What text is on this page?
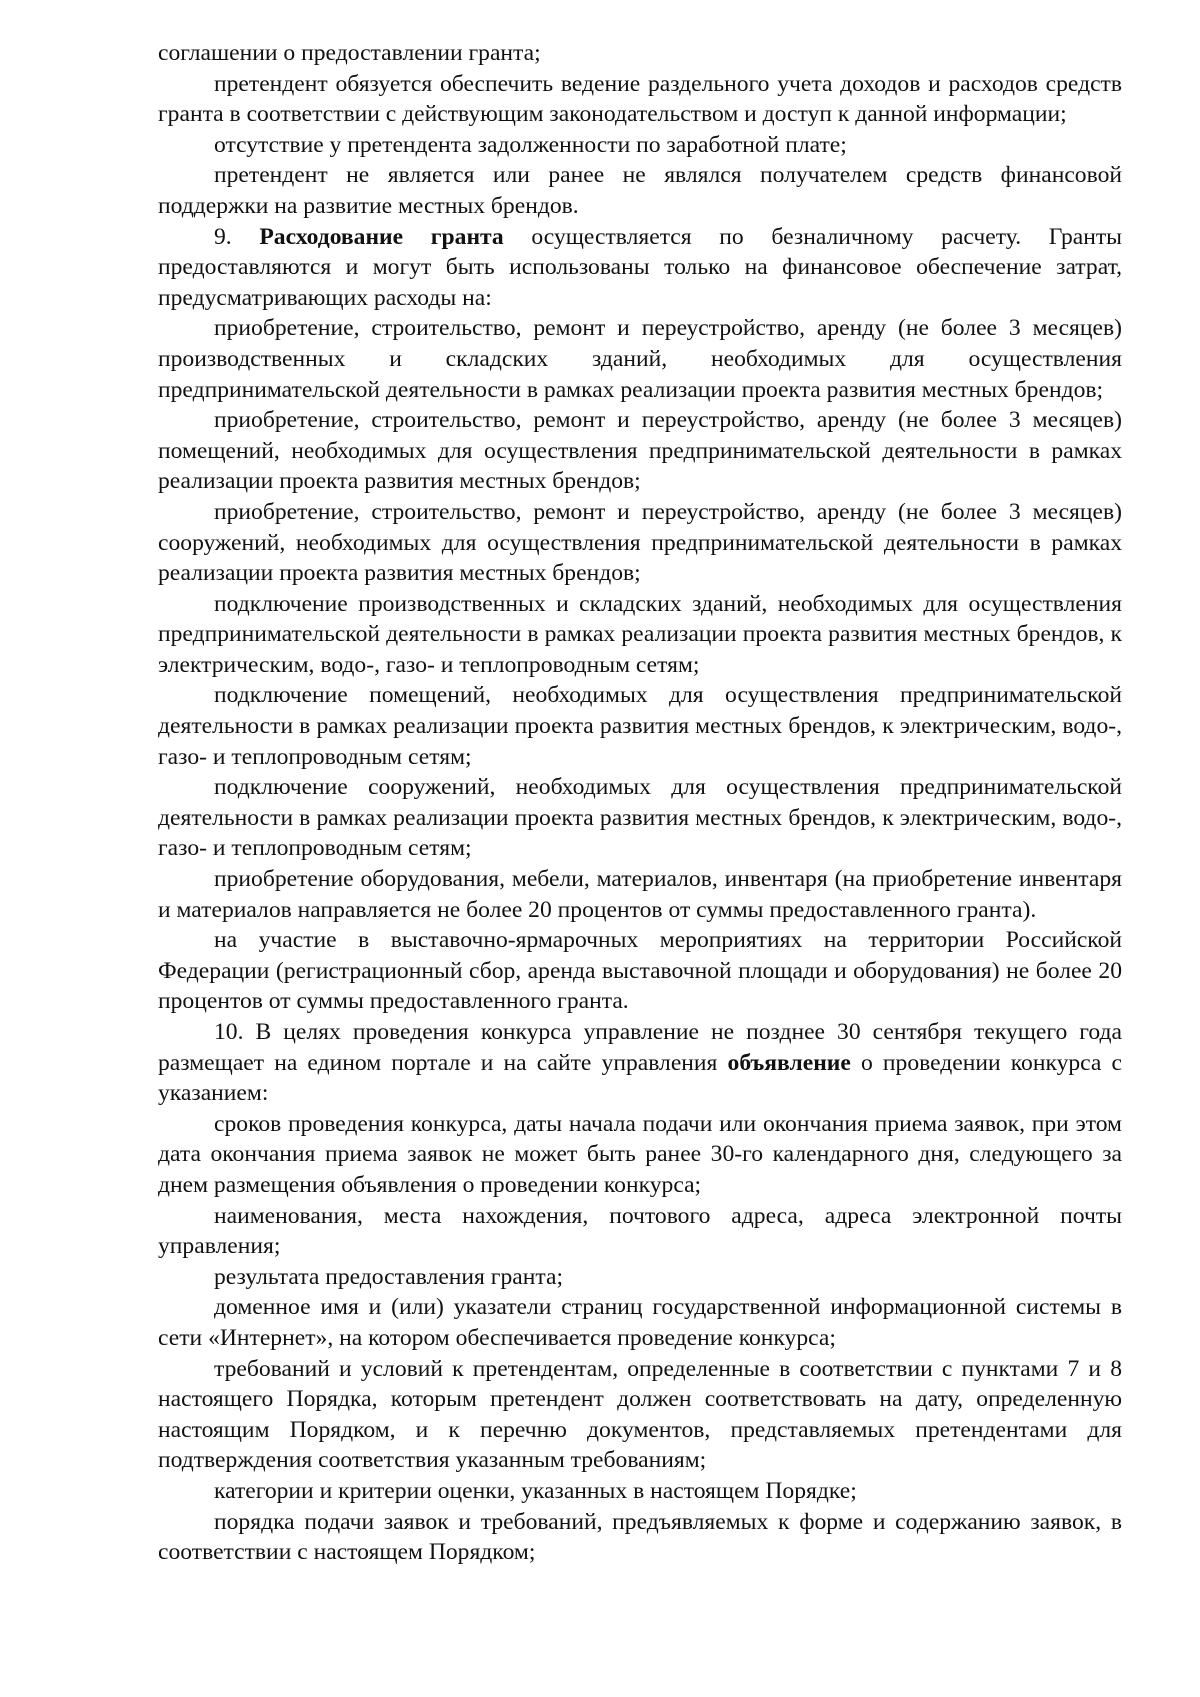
соглашении о предоставлении гранта;

претендент обязуется обеспечить ведение раздельного учета доходов и расходов средств гранта в соответствии с действующим законодательством и доступ к данной информации;

отсутствие у претендента задолженности по заработной плате;

претендент не является или ранее не являлся получателем средств финансовой поддержки на развитие местных брендов.

9. Расходование гранта осуществляется по безналичному расчету. Гранты предоставляются и могут быть использованы только на финансовое обеспечение затрат, предусматривающих расходы на:

приобретение, строительство, ремонт и переустройство, аренду (не более 3 месяцев) производственных и складских зданий, необходимых для осуществления предпринимательской деятельности в рамках реализации проекта развития местных брендов;

приобретение, строительство, ремонт и переустройство, аренду (не более 3 месяцев) помещений, необходимых для осуществления предпринимательской деятельности в рамках реализации проекта развития местных брендов;

приобретение, строительство, ремонт и переустройство, аренду (не более 3 месяцев) сооружений, необходимых для осуществления предпринимательской деятельности в рамках реализации проекта развития местных брендов;

подключение производственных и складских зданий, необходимых для осуществления предпринимательской деятельности в рамках реализации проекта развития местных брендов, к электрическим, водо-, газо- и теплопроводным сетям;

подключение помещений, необходимых для осуществления предпринимательской деятельности в рамках реализации проекта развития местных брендов, к электрическим, водо-, газо- и теплопроводным сетям;

подключение сооружений, необходимых для осуществления предпринимательской деятельности в рамках реализации проекта развития местных брендов, к электрическим, водо-, газо- и теплопроводным сетям;

приобретение оборудования, мебели, материалов, инвентаря (на приобретение инвентаря и материалов направляется не более 20 процентов от суммы предоставленного гранта).

на участие в выставочно-ярмарочных мероприятиях на территории Российской Федерации (регистрационный сбор, аренда выставочной площади и оборудования) не более 20 процентов от суммы предоставленного гранта.

10. В целях проведения конкурса управление не позднее 30 сентября текущего года размещает на едином портале и на сайте управления объявление о проведении конкурса с указанием:

сроков проведения конкурса, даты начала подачи или окончания приема заявок, при этом дата окончания приема заявок не может быть ранее 30-го календарного дня, следующего за днем размещения объявления о проведении конкурса;

наименования, места нахождения, почтового адреса, адреса электронной почты управления;

результата предоставления гранта;

доменное имя и (или) указатели страниц государственной информационной системы в сети «Интернет», на котором обеспечивается проведение конкурса;

требований и условий к претендентам, определенные в соответствии с пунктами 7 и 8 настоящего Порядка, которым претендент должен соответствовать на дату, определенную настоящим Порядком, и к перечню документов, представляемых претендентами для подтверждения соответствия указанным требованиям;

категории и критерии оценки, указанных в настоящем Порядке;

порядка подачи заявок и требований, предъявляемых к форме и содержанию заявок, в соответствии с настоящем Порядком;
